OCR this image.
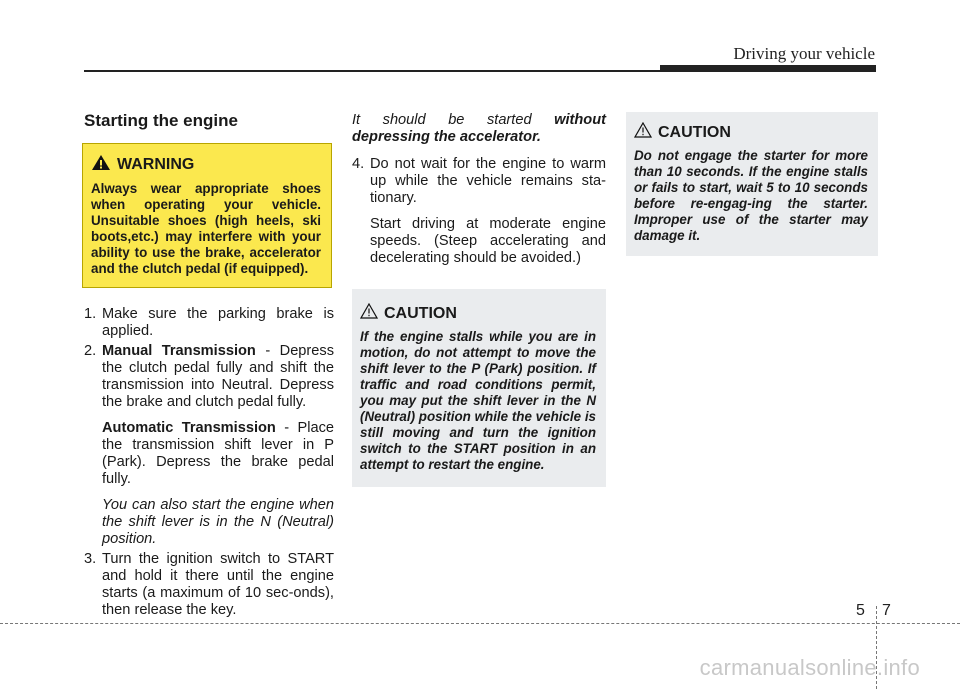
Driving your vehicle
Starting the engine
WARNING
Always wear appropriate shoes when operating your vehicle. Unsuitable shoes (high heels, ski boots,etc.) may interfere with your ability to use the brake, accelerator and the clutch pedal (if equipped).
1. Make sure the parking brake is applied.
2. Manual Transmission - Depress the clutch pedal fully and shift the transmission into Neutral. Depress the brake and clutch pedal fully.
Automatic Transmission - Place the transmission shift lever in P (Park). Depress the brake pedal fully.
You can also start the engine when the shift lever is in the N (Neutral) position.
3. Turn the ignition switch to START and hold it there until the engine starts (a maximum of 10 sec-onds), then release the key.
It should be started without depressing the accelerator.
4. Do not wait for the engine to warm up while the vehicle remains sta-tionary.
Start driving at moderate engine speeds. (Steep accelerating and decelerating should be avoided.)
CAUTION
If the engine stalls while you are in motion, do not attempt to move the shift lever to the P (Park) position. If traffic and road conditions permit, you may put the shift lever in the N (Neutral) position while the vehicle is still moving and turn the ignition switch to the START position in an attempt to restart the engine.
CAUTION
Do not engage the starter for more than 10 seconds. If the engine stalls or fails to start, wait 5 to 10 seconds before re-engag-ing the starter. Improper use of the starter may damage it.
5 7
carmanualsonline.info
